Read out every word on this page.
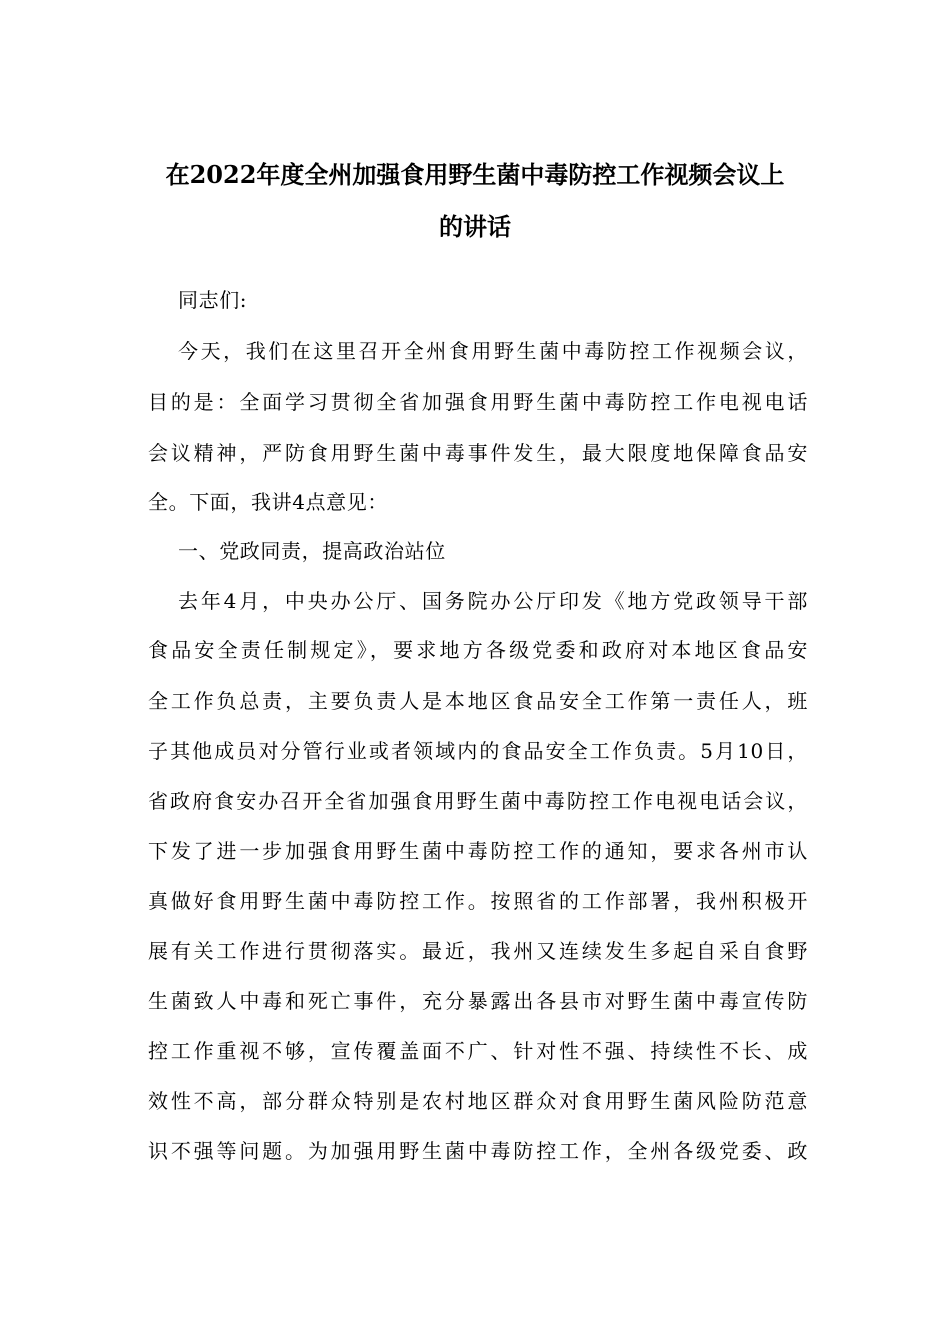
在2022年度全州加强食用野生菌中毒防控工作视频会议上
的讲话

同志们:

今天，我们在这里召开全州食用野生菌中毒防控工作视频会议，

目的是：全面学习贯彻全省加强食用野生菌中毒防控工作电视电话

会议精神，严防食用野生菌中毒事件发生，最大限度地保障食品安

全。下面，我讲4点意见：

一、党政同责，提高政治站位

去年4月，中央办公厅、国务院办公厅印发《地方党政领导干部

食品安全责任制规定》，要求地方各级党委和政府对本地区食品安

全工作负总责，主要负责人是本地区食品安全工作第一责任人，班

子其他成员对分管行业或者领域内的食品安全工作负责。5月10日，

省政府食安办召开全省加强食用野生菌中毒防控工作电视电话会议，

下发了进一步加强食用野生菌中毒防控工作的通知，要求各州市认

真做好食用野生菌中毒防控工作。按照省的工作部署，我州积极开

展有关工作进行贯彻落实。最近，我州又连续发生多起自采自食野

生菌致人中毒和死亡事件，充分暴露出各县市对野生菌中毒宣传防

控工作重视不够，宣传覆盖面不广、针对性不强、持续性不长、成

效性不高，部分群众特别是农村地区群众对食用野生菌风险防范意

识不强等问题。为加强用野生菌中毒防控工作，全州各级党委、政
